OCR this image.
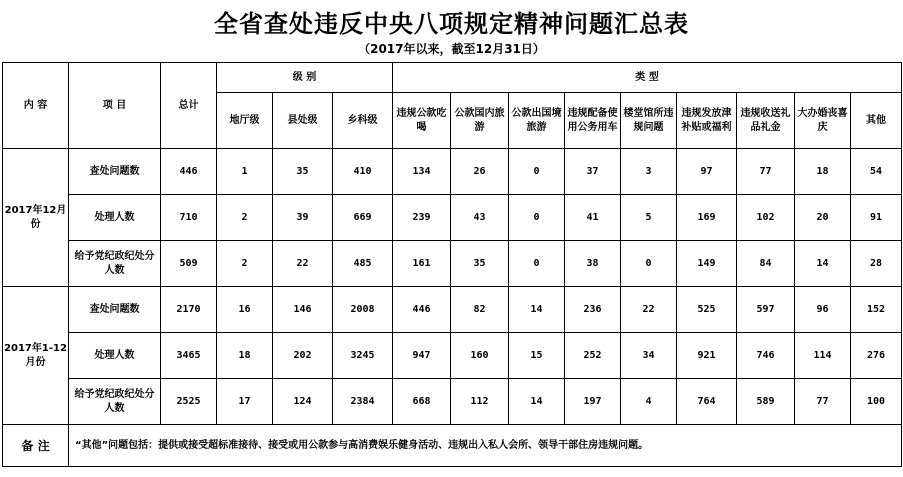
全省查处违反中央八项规定精神问题汇总表
（2017年以来，截至12月31日）
内 容	项 目	总计	级 别			类 型								
			地厅级	县处级	乡科级	违规公款吃喝	公款国内旅游	公款出国境旅游	违规配备使用公务用车	楼堂馆所违规问题	违规发放津补贴或福利	违规收送礼品礼金	大办婚丧喜庆	其他
2017年12月份	查处问题数	446	1	35	410	134	26	0	37	3	97	77	18	54
	处理人数	710	2	39	669	239	43	0	41	5	169	102	20	91
	给予党纪政纪处分人数	509	2	22	485	161	35	0	38	0	149	84	14	28
2017年1-12月份	查处问题数	2170	16	146	2008	446	82	14	236	22	525	597	96	152
	处理人数	3465	18	202	3245	947	160	15	252	34	921	746	114	276
	给予党纪政纪处分人数	2525	17	124	2384	668	112	14	197	4	764	589	77	100
备 注	“其他”问题包括：提供或接受超标准接待、接受或用公款参与高消费娱乐健身活动、违规出入私人会所、领导干部住房违规问题。													
